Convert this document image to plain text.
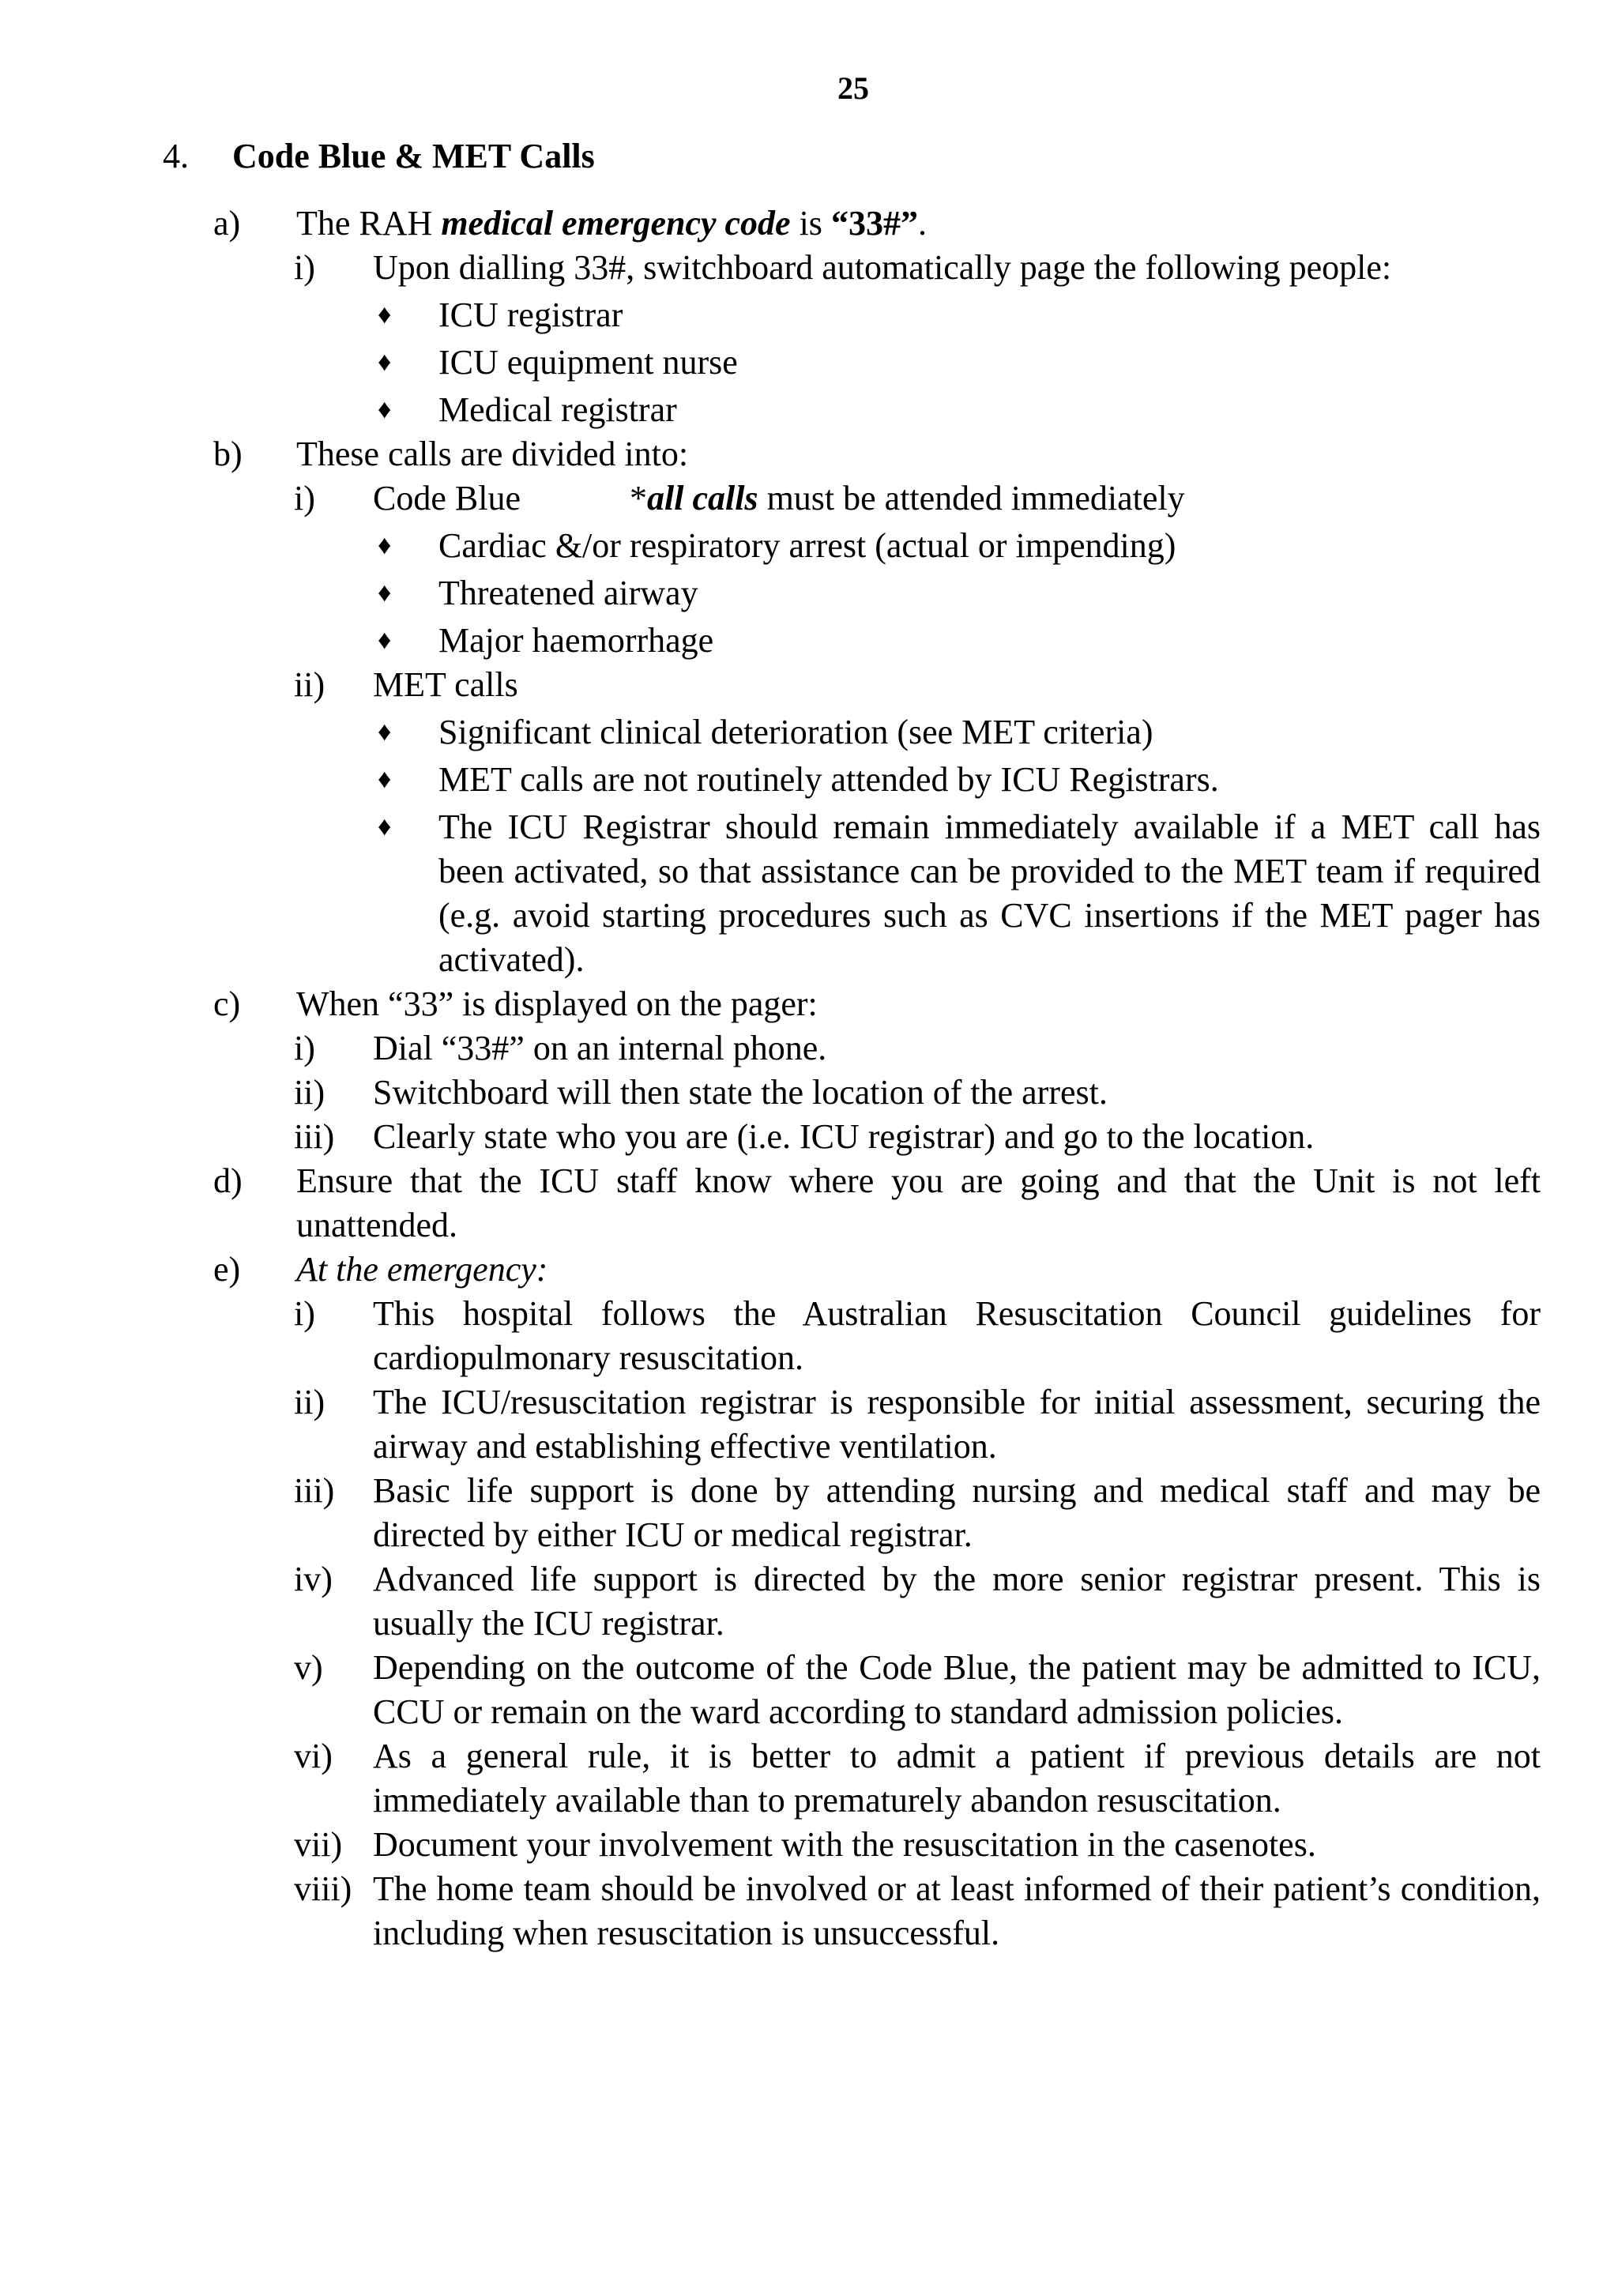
25
4. Code Blue & MET Calls
a) The RAH medical emergency code is “33#”.
i) Upon dialling 33#, switchboard automatically page the following people:
♦ ICU registrar
♦ ICU equipment nurse
♦ Medical registrar
b) These calls are divided into:
i) Code Blue	*all calls must be attended immediately
♦ Cardiac &/or respiratory arrest (actual or impending)
♦ Threatened airway
♦ Major haemorrhage
ii) MET calls
♦ Significant clinical deterioration (see MET criteria)
♦ MET calls are not routinely attended by ICU Registrars.
♦ The ICU Registrar should remain immediately available if a MET call has been activated, so that assistance can be provided to the MET team if required (e.g. avoid starting procedures such as CVC insertions if the MET pager has activated).
c) When “33” is displayed on the pager:
i) Dial “33#” on an internal phone.
ii) Switchboard will then state the location of the arrest.
iii) Clearly state who you are (i.e. ICU registrar) and go to the location.
d) Ensure that the ICU staff know where you are going and that the Unit is not left unattended.
e) At the emergency:
i) This hospital follows the Australian Resuscitation Council guidelines for cardiopulmonary resuscitation.
ii) The ICU/resuscitation registrar is responsible for initial assessment, securing the airway and establishing effective ventilation.
iii) Basic life support is done by attending nursing and medical staff and may be directed by either ICU or medical registrar.
iv) Advanced life support is directed by the more senior registrar present. This is usually the ICU registrar.
v) Depending on the outcome of the Code Blue, the patient may be admitted to ICU, CCU or remain on the ward according to standard admission policies.
vi) As a general rule, it is better to admit a patient if previous details are not immediately available than to prematurely abandon resuscitation.
vii) Document your involvement with the resuscitation in the casenotes.
viii) The home team should be involved or at least informed of their patient’s condition, including when resuscitation is unsuccessful.
